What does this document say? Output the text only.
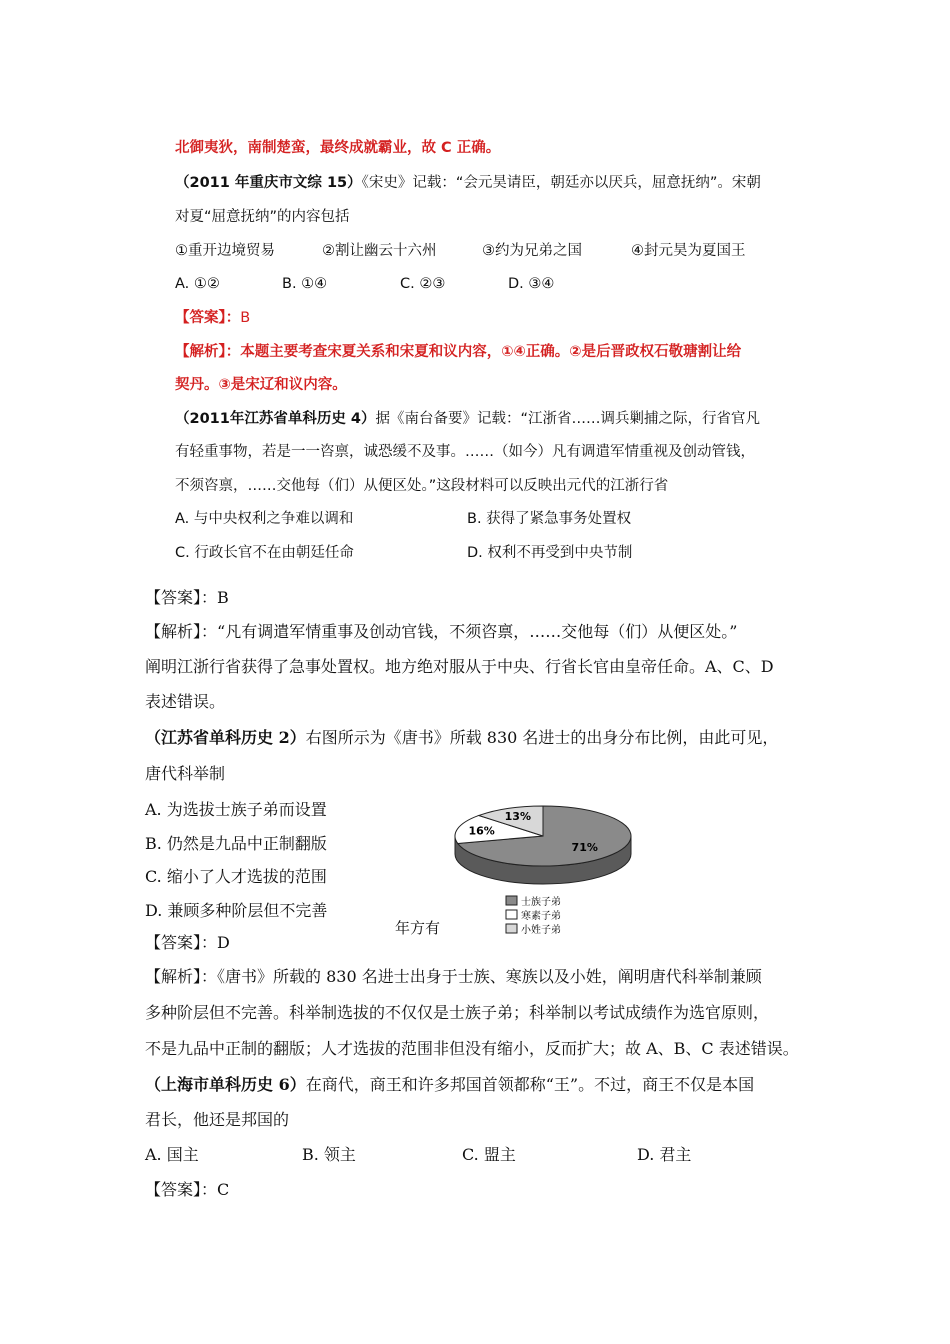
北御夷狄，南制楚蛮，最终成就霸业，故 C 正确。
（2011 年重庆市文综 15）《宋史》记载：“会元昊请臣，朝廷亦以厌兵，屈意抚纳”。宋朝
对夏“屈意抚纳”的内容包括
①重开边境贸易	②割让幽云十六州	③约为兄弟之国	④封元昊为夏国王
A. ①②	B. ①④	C. ②③	D. ③④
【答案】：B
【解析】：本题主要考查宋夏关系和宋夏和议内容，①④正确。②是后晋政权石敬瑭割让给
契丹。③是宋辽和议内容。
（2011年江苏省单科历史 4）据《南台备要》记载：“江浙省……调兵剿捕之际，行省官凡
有轻重事物，若是一一咨禀，诚恐缓不及事。……（如今）凡有调遣军情重视及创动管钱，
不须咨禀，……交他每（们）从便区处。”这段材料可以反映出元代的江浙行省
A. 与中央权利之争难以调和	B. 获得了紧急事务处置权
C. 行政长官不在由朝廷任命	D. 权利不再受到中央节制
【答案】：B
【解析】：“凡有调遣军情重事及创动官钱，不须咨禀，……交他每（们）从便区处。”
阐明江浙行省获得了急事处置权。地方绝对服从于中央、行省长官由皇帝任命。A、C、D
表述错误。
（江苏省单科历史 2）右图所示为《唐书》所载 830 名进士的出身分布比例，由此可见，
唐代科举制
A. 为选拔士族子弟而设置
B. 仍然是九品中正制翻版
C. 缩小了人才选拔的范围
D. 兼顾多种阶层但不完善
71%
16%
13%
士族子弟
寒素子弟
小姓子弟
年方有
【答案】：D
【解析】：《唐书》所载的 830 名进士出身于士族、寒族以及小姓，阐明唐代科举制兼顾
多种阶层但不完善。科举制选拔的不仅仅是士族子弟；科举制以考试成绩作为选官原则，
不是九品中正制的翻版；人才选拔的范围非但没有缩小，反而扩大；故 A、B、C 表述错误。
（上海市单科历史 6）在商代，商王和许多邦国首领都称“王”。不过，商王不仅是本国
君长，他还是邦国的
A. 国主	B. 领主	C. 盟主	D. 君主
【答案】：C
